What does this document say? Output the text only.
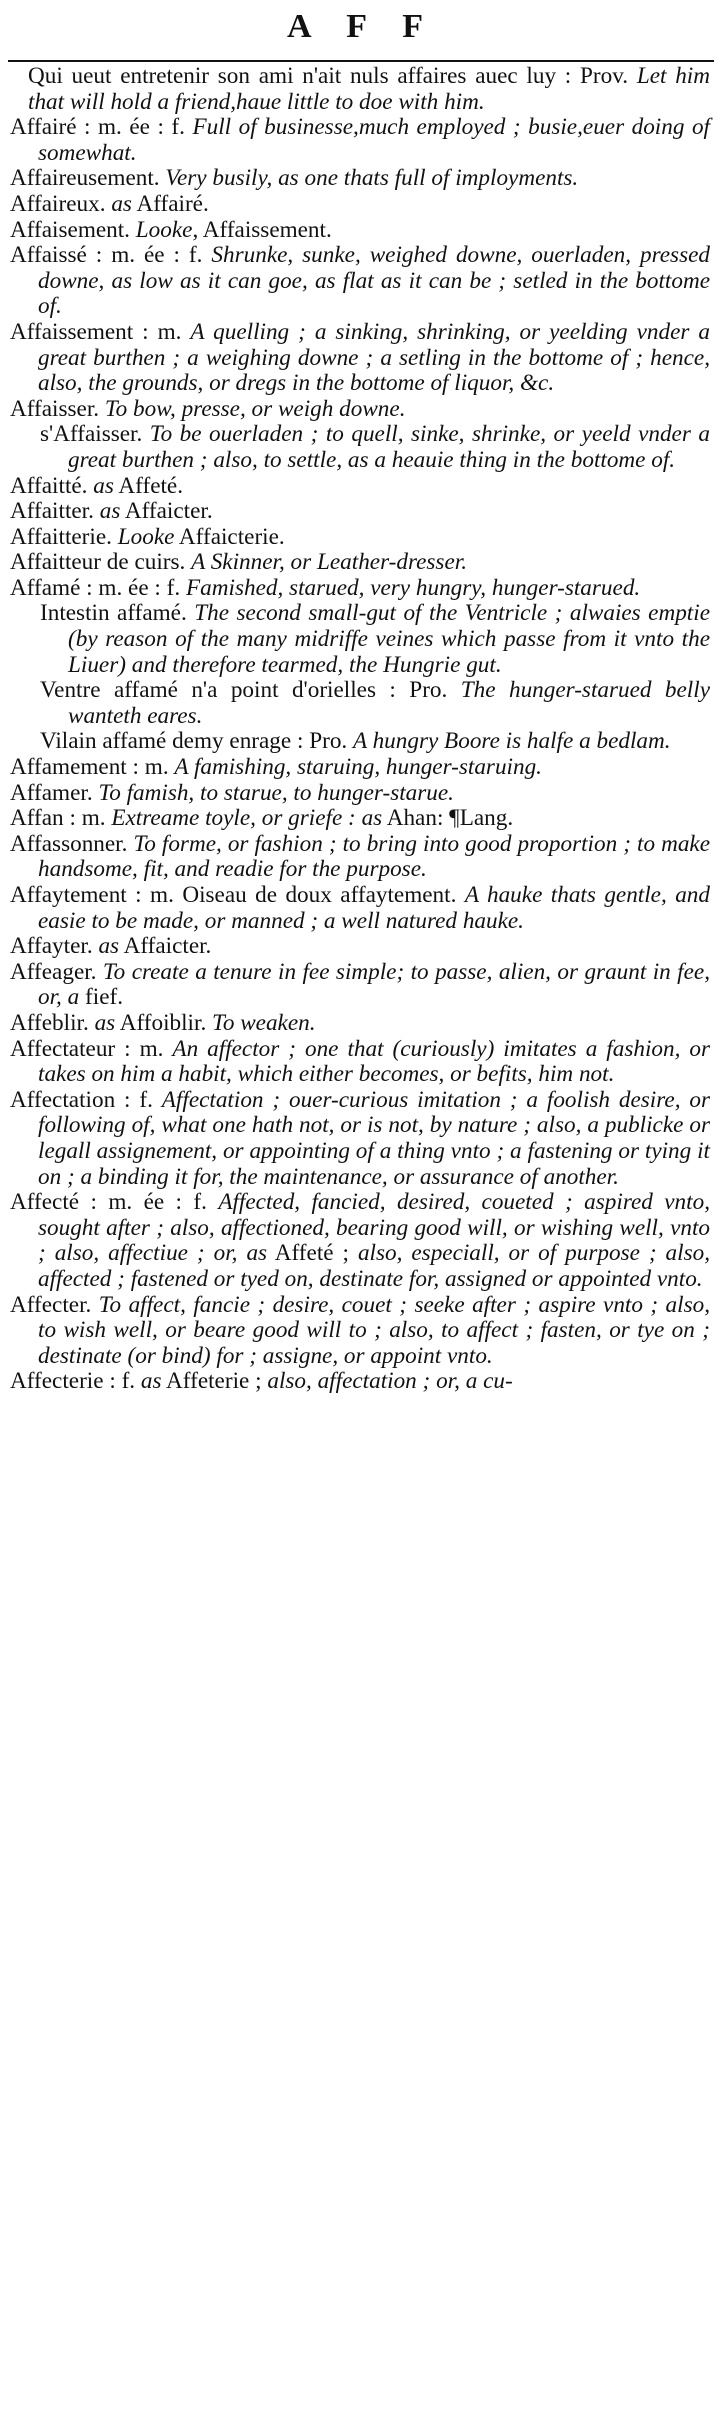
A F F

Qui ueut entretenir son ami n'ait nuls affaires auec luy : Prov. Let him that will hold a friend,haue little to doe with him.

Affairé : m. ée : f. Full of businesse,much employed ; busie,euer doing of somewhat.

Affaireusement. Very busily, as one thats full of imployments.

Affaireux. as Affairé.

Affaisement. Looke, Affaissement.

Affaissé : m. ée : f. Shrunke, sunke, weighed downe, ouerladen, pressed downe, as low as it can goe, as flat as it can be ; setled in the bottome of.

Affaissement : m. A quelling ; a sinking, shrinking, or yeelding vnder a great burthen ; a weighing downe ; a setling in the bottome of ; hence, also, the grounds, or dregs in the bottome of liquor, &c.

Affaisser. To bow, presse, or weigh downe.

s'Affaisser. To be ouerladen ; to quell, sinke, shrinke, or yeeld vnder a great burthen ; also, to settle, as a heauie thing in the bottome of.

Affaitté. as Affeté.

Affaitter. as Affaicter.

Affaitterie. Looke Affaicterie.

Affaitteur de cuirs. A Skinner, or Leather-dresser.

Affamé : m. ée : f. Famished, starued, very hungry, hunger-starued.

Intestin affamé. The second small-gut of the Ventricle ; alwaies emptie (by reason of the many midriffe veines which passe from it vnto the Liuer) and therefore tearmed, the Hungrie gut.

Ventre affamé n'a point d'orielles : Pro. The hunger-starued belly wanteth eares.

Vilain affamé demy enrage : Pro. A hungry Boore is halfe a bedlam.

Affamement : m. A famishing, staruing, hunger-staruing.

Affamer. To famish, to starue, to hunger-starue.

Affan : m. Extreame toyle, or griefe : as Ahan: ¶Lang.

Affassonner. To forme, or fashion ; to bring into good proportion ; to make handsome, fit, and readie for the purpose.

Affaytement : m. Oiseau de doux affaytement. A hauke thats gentle, and easie to be made, or manned ; a well natured hauke.

Affayter. as Affaicter.

Affeager. To create a tenure in fee simple; to passe, alien, or graunt in fee, or, a fief.

Affeblir. as Affoiblir. To weaken.

Affectateur : m. An affector ; one that (curiously) imitates a fashion, or takes on him a habit, which either becomes, or befits, him not.

Affectation : f. Affectation ; ouer-curious imitation ; a foolish desire, or following of, what one hath not, or is not, by nature ; also, a publicke or legall assignement, or appointing of a thing vnto ; a fastening or tying it on ; a binding it for, the maintenance, or assurance of another.

Affecté : m. ée : f. Affected, fancied, desired, coueted ; aspired vnto, sought after ; also, affectioned, bearing good will, or wishing well, vnto ; also, affectiue ; or, as Affeté ; also, especiall, or of purpose ; also, affected ; fastened or tyed on, destinate for, assigned or appointed vnto.

Affecter. To affect, fancie ; desire, couet ; seeke after ; aspire vnto ; also, to wish well, or beare good will to ; also, to affect ; fasten, or tye on ; destinate (or bind) for ; assigne, or appoint vnto.

Affecterie : f. as Affeterie ; also, affectation ; or, a cu-
